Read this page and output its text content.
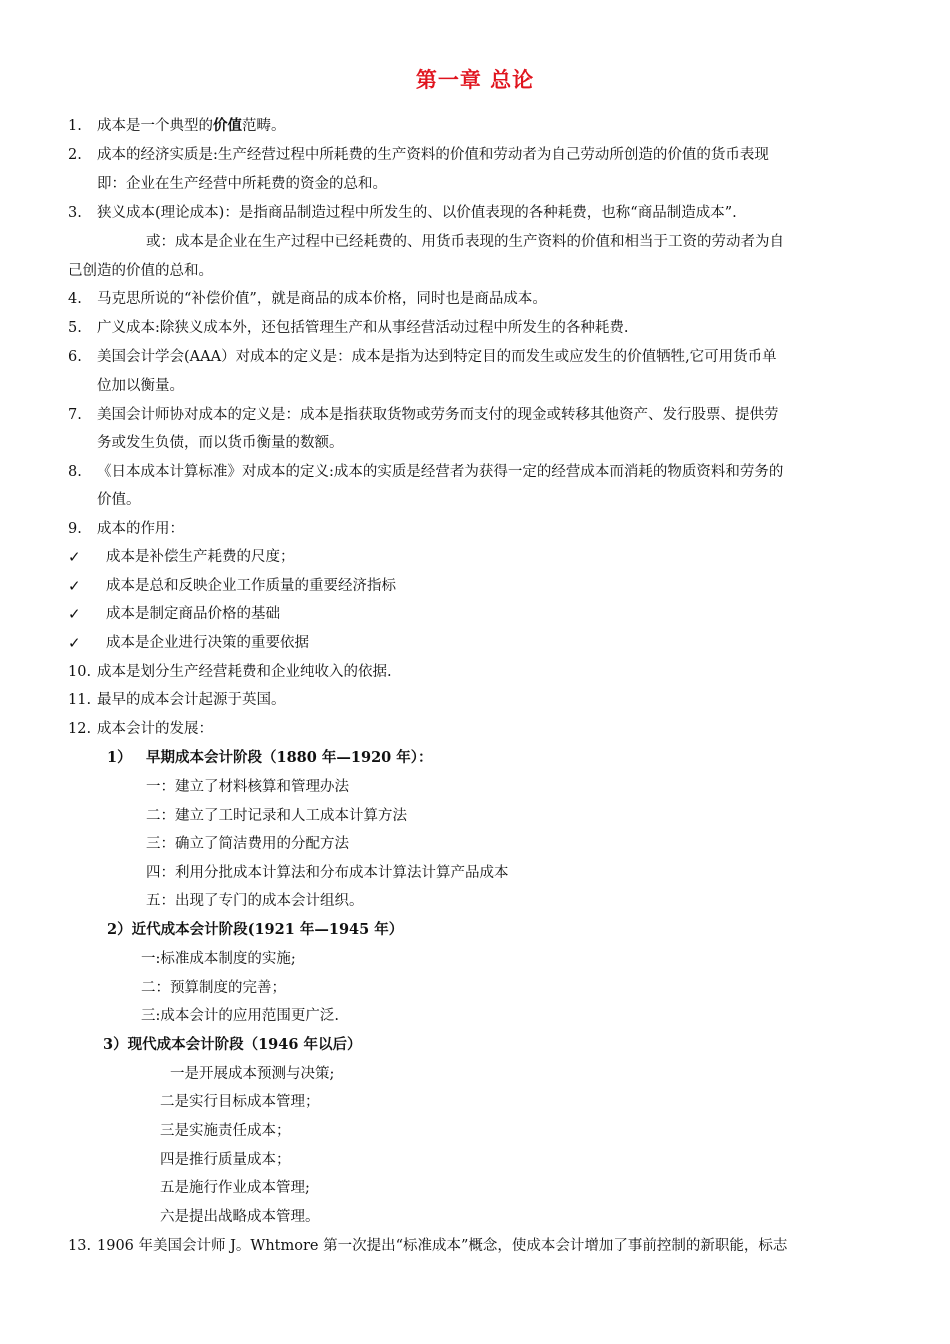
第一章 总论
1. 成本是一个典型的价值范畴。
2. 成本的经济实质是:生产经营过程中所耗费的生产资料的价值和劳动者为自己劳动所创造的价值的货币表现
即：企业在生产经营中所耗费的资金的总和。
3. 狭义成本(理论成本)：是指商品制造过程中所发生的、以价值表现的各种耗费，也称“商品制造成本”.
或：成本是企业在生产过程中已经耗费的、用货币表现的生产资料的价值和相当于工资的劳动者为自
己创造的价值的总和。
4. 马克思所说的“补偿价值”，就是商品的成本价格，同时也是商品成本。
5. 广义成本:除狭义成本外，还包括管理生产和从事经营活动过程中所发生的各种耗费.
6. 美国会计学会(AAA）对成本的定义是：成本是指为达到特定目的而发生或应发生的价值牺牲,它可用货币单
位加以衡量。
7. 美国会计师协对成本的定义是：成本是指获取货物或劳务而支付的现金或转移其他资产、发行股票、提供劳
务或发生负债，而以货币衡量的数额。
8. 《日本成本计算标准》对成本的定义:成本的实质是经营者为获得一定的经营成本而消耗的物质资料和劳务的
价值。
9. 成本的作用：
✓ 成本是补偿生产耗费的尺度；
✓ 成本是总和反映企业工作质量的重要经济指标
✓ 成本是制定商品价格的基础
✓ 成本是企业进行决策的重要依据
10. 成本是划分生产经营耗费和企业纯收入的依据.
11. 最早的成本会计起源于英国。
12. 成本会计的发展：
1） 早期成本会计阶段（1880 年—1920 年）：
一：建立了材料核算和管理办法
二：建立了工时记录和人工成本计算方法
三：确立了简洁费用的分配方法
四：利用分批成本计算法和分布成本计算法计算产品成本
五：出现了专门的成本会计组织。
2）近代成本会计阶段(1921 年—1945 年）
一:标准成本制度的实施;
二：预算制度的完善；
三:成本会计的应用范围更广泛.
3）现代成本会计阶段（1946 年以后）
一是开展成本预测与决策;
二是实行目标成本管理；
三是实施责任成本；
四是推行质量成本；
五是施行作业成本管理;
六是提出战略成本管理。
13. 1906 年美国会计师 J。Whtmore 第一次提出“标准成本”概念，使成本会计增加了事前控制的新职能，标志
